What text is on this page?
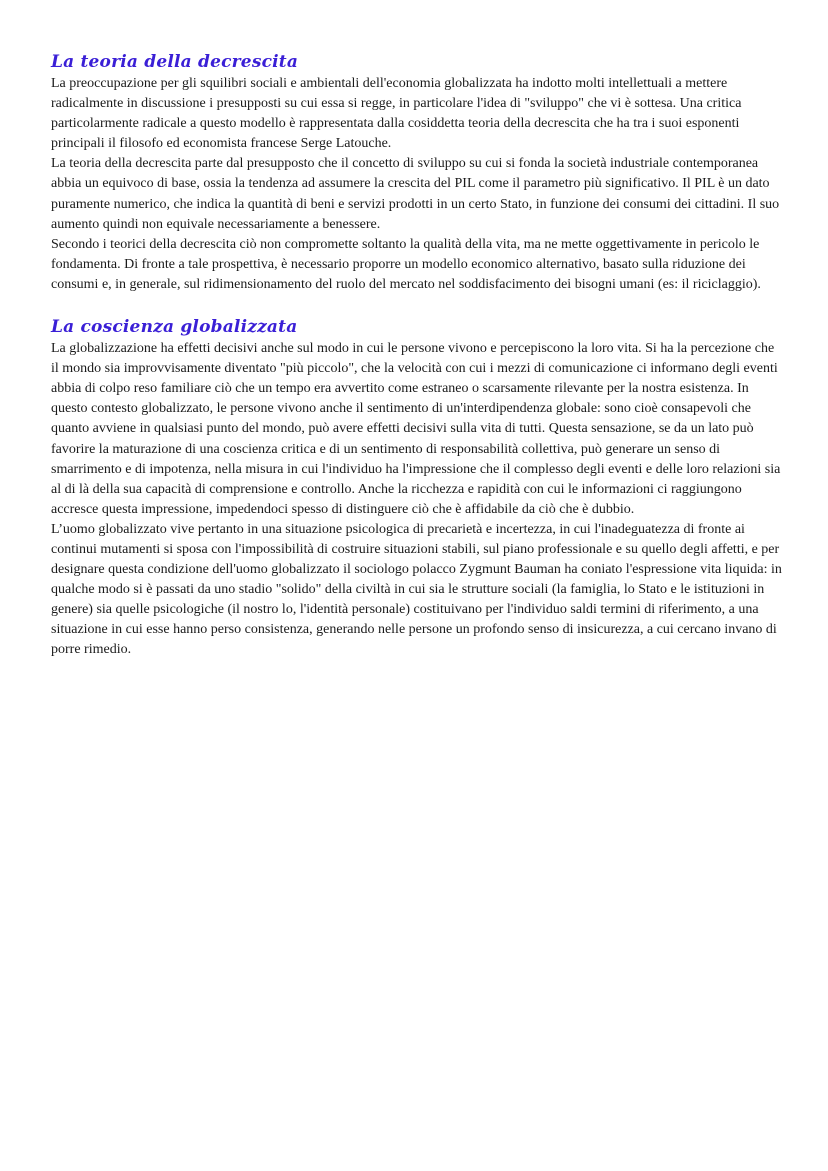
La teoria della decrescita

La preoccupazione per gli squilibri sociali e ambientali dell'economia globalizzata ha indotto molti intellettuali a mettere radicalmente in discussione i presupposti su cui essa si regge, in particolare l'idea di "sviluppo" che vi è sottesa. Una critica particolarmente radicale a questo modello è rappresentata dalla cosiddetta teoria della decrescita che ha tra i suoi esponenti principali il filosofo ed economista francese Serge Latouche.

La teoria della decrescita parte dal presupposto che il concetto di sviluppo su cui si fonda la società industriale contemporanea abbia un equivoco di base, ossia la tendenza ad assumere la crescita del PIL come il parametro più significativo. Il PIL è un dato puramente numerico, che indica la quantità di beni e servizi prodotti in un certo Stato, in funzione dei consumi dei cittadini. Il suo aumento quindi non equivale necessariamente a benessere.

Secondo i teorici della decrescita ciò non compromette soltanto la qualità della vita, ma ne mette oggettivamente in pericolo le fondamenta. Di fronte a tale prospettiva, è necessario proporre un modello economico alternativo, basato sulla riduzione dei consumi e, in generale, sul ridimensionamento del ruolo del mercato nel soddisfacimento dei bisogni umani (es: il riciclaggio).

La coscienza globalizzata

La globalizzazione ha effetti decisivi anche sul modo in cui le persone vivono e percepiscono la loro vita. Si ha la percezione che il mondo sia improvvisamente diventato "più piccolo", che la velocità con cui i mezzi di comunicazione ci informano degli eventi abbia di colpo reso familiare ciò che un tempo era avvertito come estraneo o scarsamente rilevante per la nostra esistenza. In questo contesto globalizzato, le persone vivono anche il sentimento di un'interdipendenza globale: sono cioè consapevoli che quanto avviene in qualsiasi punto del mondo, può avere effetti decisivi sulla vita di tutti. Questa sensazione, se da un lato può favorire la maturazione di una coscienza critica e di un sentimento di responsabilità collettiva, può generare un senso di smarrimento e di impotenza, nella misura in cui l'individuo ha l'impressione che il complesso degli eventi e delle loro relazioni sia al di là della sua capacità di comprensione e controllo. Anche la ricchezza e rapidità con cui le informazioni ci raggiungono accresce questa impressione, impedendoci spesso di distinguere ciò che è affidabile da ciò che è dubbio.

L’uomo globalizzato vive pertanto in una situazione psicologica di precarietà e incertezza, in cui l'inadeguatezza di fronte ai continui mutamenti si sposa con l'impossibilità di costruire situazioni stabili, sul piano professionale e su quello degli affetti, e per designare questa condizione dell'uomo globalizzato il sociologo polacco Zygmunt Bauman ha coniato l'espressione vita liquida: in qualche modo si è passati da uno stadio "solido" della civiltà in cui sia le strutture sociali (la famiglia, lo Stato e le istituzioni in genere) sia quelle psicologiche (il nostro lo, l'identità personale) costituivano per l'individuo saldi termini di riferimento, a una situazione in cui esse hanno perso consistenza, generando nelle persone un profondo senso di insicurezza, a cui cercano invano di porre rimedio.
